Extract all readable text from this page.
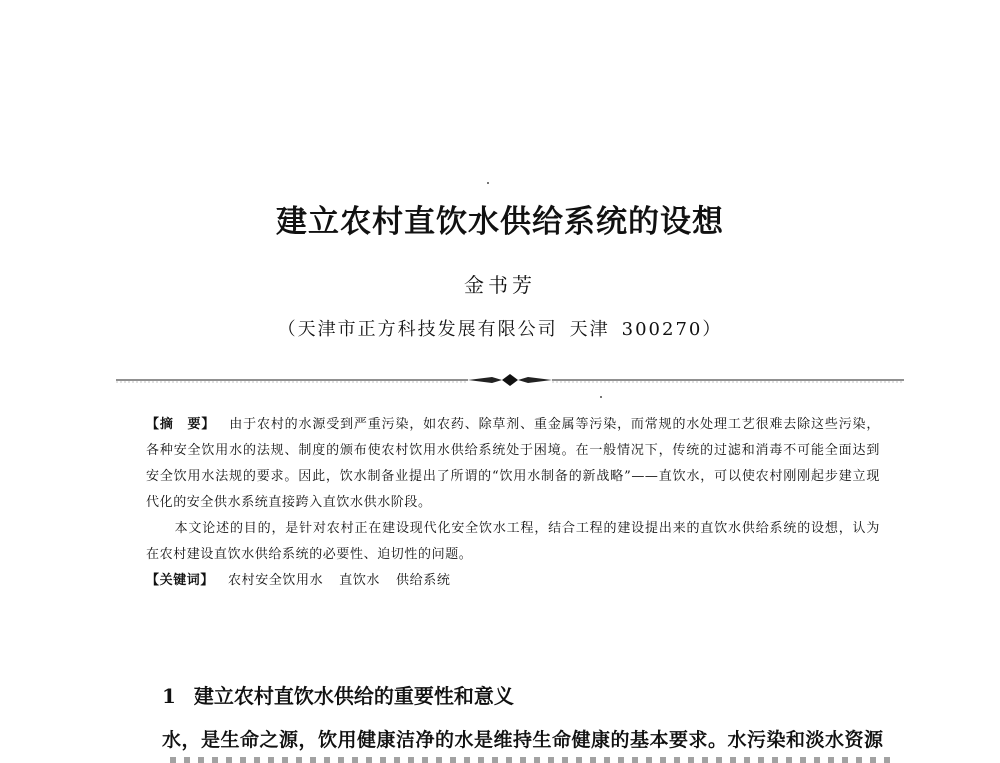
建立农村直饮水供给系统的设想
金书芳
（天津市正方科技发展有限公司 天津 300270）

【摘　要】 由于农村的水源受到严重污染，如农药、除草剂、重金属等污染，而常规的水处理工艺很难去除这些污染，各种安全饮用水的法规、制度的颁布使农村饮用水供给系统处于困境。在一般情况下，传统的过滤和消毒不可能全面达到安全饮用水法规的要求。因此，饮水制备业提出了所谓的“饮用水制备的新战略”——直饮水，可以使农村刚刚起步建立现代化的安全供水系统直接跨入直饮水供水阶段。

本文论述的目的，是针对农村正在建设现代化安全饮水工程，结合工程的建设提出来的直饮水供给系统的设想，认为在农村建设直饮水供给系统的必要性、迫切性的问题。

【关键词】 农村安全饮用水 直饮水 供给系统

1 建立农村直饮水供给的重要性和意义
水，是生命之源，饮用健康洁净的水是维持生命健康的基本要求。水污染和淡水资源
